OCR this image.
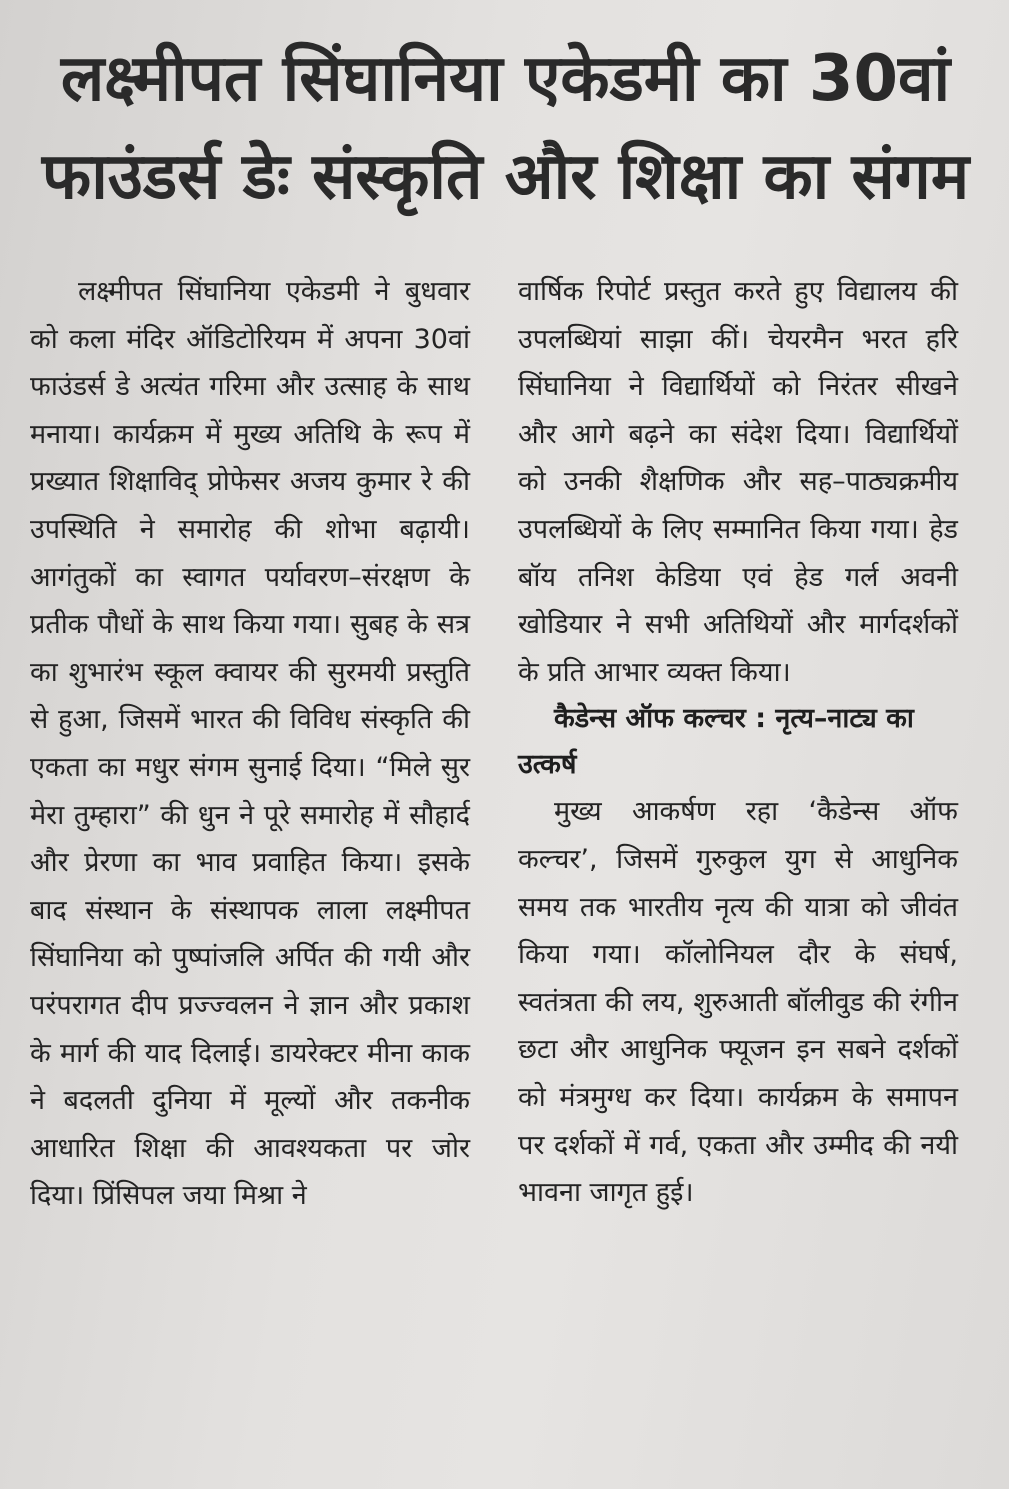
लक्ष्मीपत सिंघानिया एकेडमी का 30वां
फाउंडर्स डेः संस्कृति और शिक्षा का संगम

लक्ष्मीपत सिंघानिया एकेडमी ने बुधवार को कला मंदिर ऑडिटोरियम में अपना 30वां फाउंडर्स डे अत्यंत गरिमा और उत्साह के साथ मनाया। कार्यक्रम में मुख्य अतिथि के रूप में प्रख्यात शिक्षाविद् प्रोफेसर अजय कुमार रे की उपस्थिति ने समारोह की शोभा बढ़ायी। आगंतुकों का स्वागत पर्यावरण–संरक्षण के प्रतीक पौधों के साथ किया गया। सुबह के सत्र का शुभारंभ स्कूल क्वायर की सुरमयी प्रस्तुति से हुआ, जिसमें भारत की विविध संस्कृति की एकता का मधुर संगम सुनाई दिया। “मिले सुर मेरा तुम्हारा” की धुन ने पूरे समारोह में सौहार्द और प्रेरणा का भाव प्रवाहित किया। इसके बाद संस्थान के संस्थापक लाला लक्ष्मीपत सिंघानिया को पुष्पांजलि अर्पित की गयी और परंपरागत दीप प्रज्ज्वलन ने ज्ञान और प्रकाश के मार्ग की याद दिलाई। डायरेक्टर मीना काक ने बदलती दुनिया में मूल्यों और तकनीक आधारित शिक्षा की आवश्यकता पर जोर दिया। प्रिंसिपल जया मिश्रा ने

वार्षिक रिपोर्ट प्रस्तुत करते हुए विद्यालय की उपलब्धियां साझा कीं। चेयरमैन भरत हरि सिंघानिया ने विद्यार्थियों को निरंतर सीखने और आगे बढ़ने का संदेश दिया। विद्यार्थियों को उनकी शैक्षणिक और सह–पाठ्यक्रमीय उपलब्धियों के लिए सम्मानित किया गया। हेड बॉय तनिश केडिया एवं हेड गर्ल अवनी खोडियार ने सभी अतिथियों और मार्गदर्शकों के प्रति आभार व्यक्त किया।

कैडेन्स ऑफ कल्चर : नृत्य–नाट्य का उत्कर्ष

मुख्य आकर्षण रहा ‘कैडेन्स ऑफ कल्चर’, जिसमें गुरुकुल युग से आधुनिक समय तक भारतीय नृत्य की यात्रा को जीवंत किया गया। कॉलोनियल दौर के संघर्ष, स्वतंत्रता की लय, शुरुआती बॉलीवुड की रंगीन छटा और आधुनिक फ्यूजन इन सबने दर्शकों को मंत्रमुग्ध कर दिया। कार्यक्रम के समापन पर दर्शकों में गर्व, एकता और उम्मीद की नयी भावना जागृत हुई।
